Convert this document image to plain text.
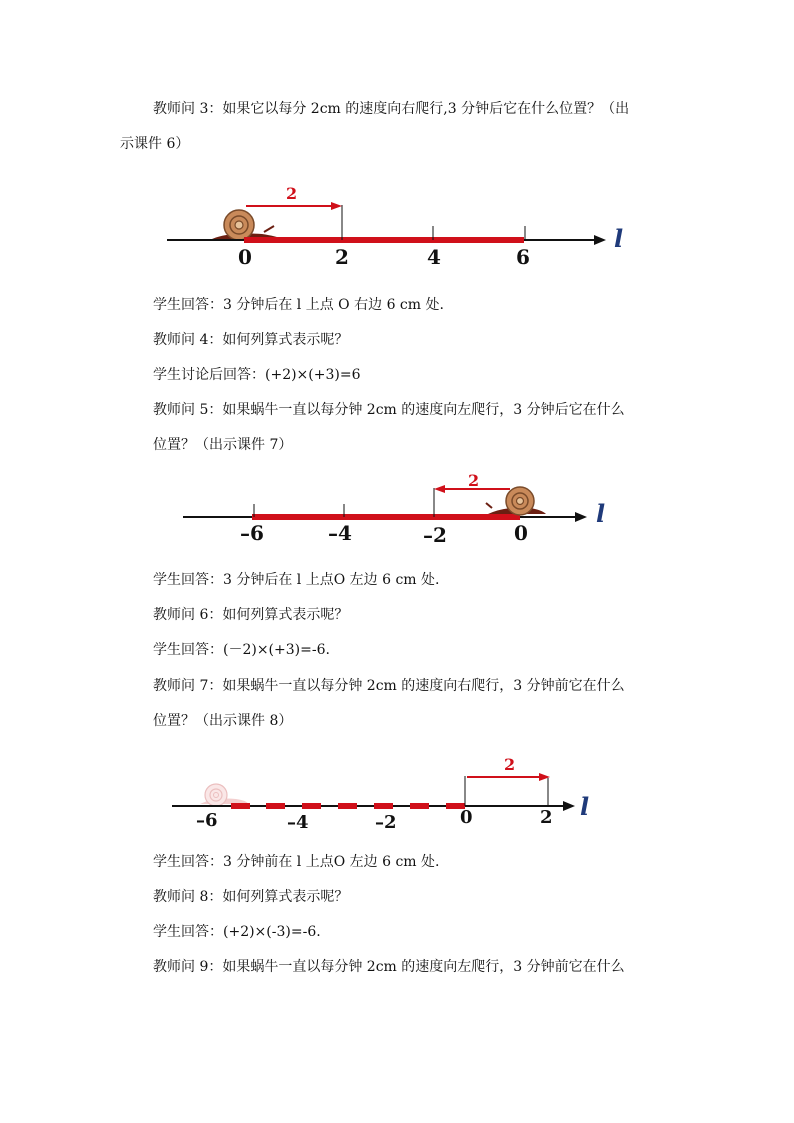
教师问 3：如果它以每分 2cm 的速度向右爬行,3 分钟后它在什么位置？（出
示课件 6）
2
0	2	4	6
l
学生回答：3 分钟后在 l 上点 O 右边 6 cm 处.
教师问 4：如何列算式表示呢？
学生讨论后回答：(+2)×(+3)=6
教师问 5：如果蜗牛一直以每分钟 2cm 的速度向左爬行，3 分钟后它在什么
位置？（出示课件 7）
2
–6	–4	–2	0
l
学生回答：3 分钟后在 l 上点O 左边 6 cm 处.
教师问 6：如何列算式表示呢？
学生回答：(－2)×(+3)=-6.
教师问 7：如果蜗牛一直以每分钟 2cm 的速度向右爬行，3 分钟前它在什么
位置？（出示课件 8）
2
–6	–4	–2	0	2 l
学生回答：3 分钟前在 l 上点O 左边 6 cm 处.
教师问 8：如何列算式表示呢？
学生回答：(+2)×(-3)=-6.
教师问 9：如果蜗牛一直以每分钟 2cm 的速度向左爬行，3 分钟前它在什么
